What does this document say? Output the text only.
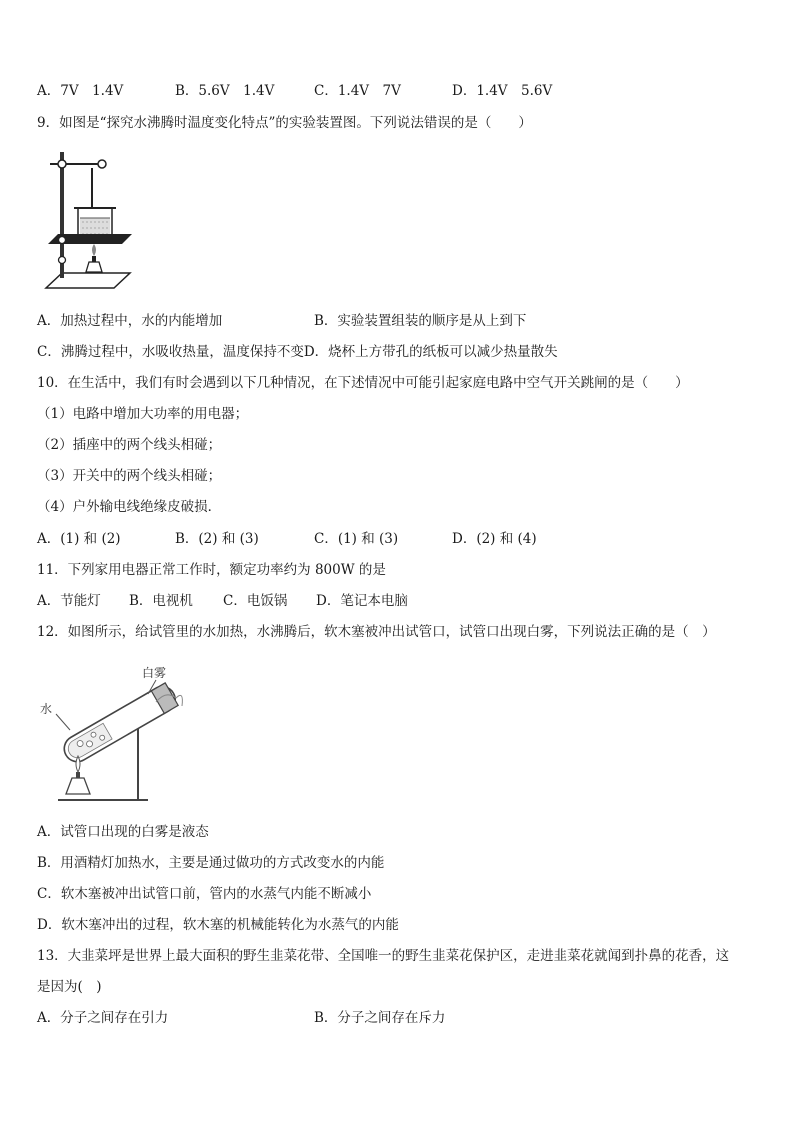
A．7V　1.4V	B．5.6V　1.4V	C．1.4V　7V	D．1.4V　5.6V
9．如图是“探究水沸腾时温度变化特点”的实验装置图。下列说法错误的是（　　）
A．加热过程中，水的内能增加	B．实验装置组装的顺序是从上到下
C．沸腾过程中，水吸收热量，温度保持不变D．烧杯上方带孔的纸板可以减少热量散失
10．在生活中，我们有时会遇到以下几种情况，在下述情况中可能引起家庭电路中空气开关跳闸的是（　　）
（1）电路中增加大功率的用电器；
（2）插座中的两个线头相碰；
（3）开关中的两个线头相碰；
（4）户外输电线绝缘皮破损．
A．(1) 和 (2)	B．(2) 和 (3)	C．(1) 和 (3)	D．(2) 和 (4)
11．下列家用电器正常工作时，额定功率约为 800W 的是
A．节能灯 B．电视机 C．电饭锅 D．笔记本电脑
12．如图所示，给试管里的水加热，水沸腾后，软木塞被冲出试管口，试管口出现白雾，下列说法正确的是（　）
白雾
水
A．试管口出现的白雾是液态
B．用酒精灯加热水，主要是通过做功的方式改变水的内能
C．软木塞被冲出试管口前，管内的水蒸气内能不断减小
D．软木塞冲出的过程，软木塞的机械能转化为水蒸气的内能
13．大韭菜坪是世界上最大面积的野生韭菜花带、全国唯一的野生韭菜花保护区，走进韭菜花就闻到扑鼻的花香，这
是因为(　)
A．分子之间存在引力	B．分子之间存在斥力
